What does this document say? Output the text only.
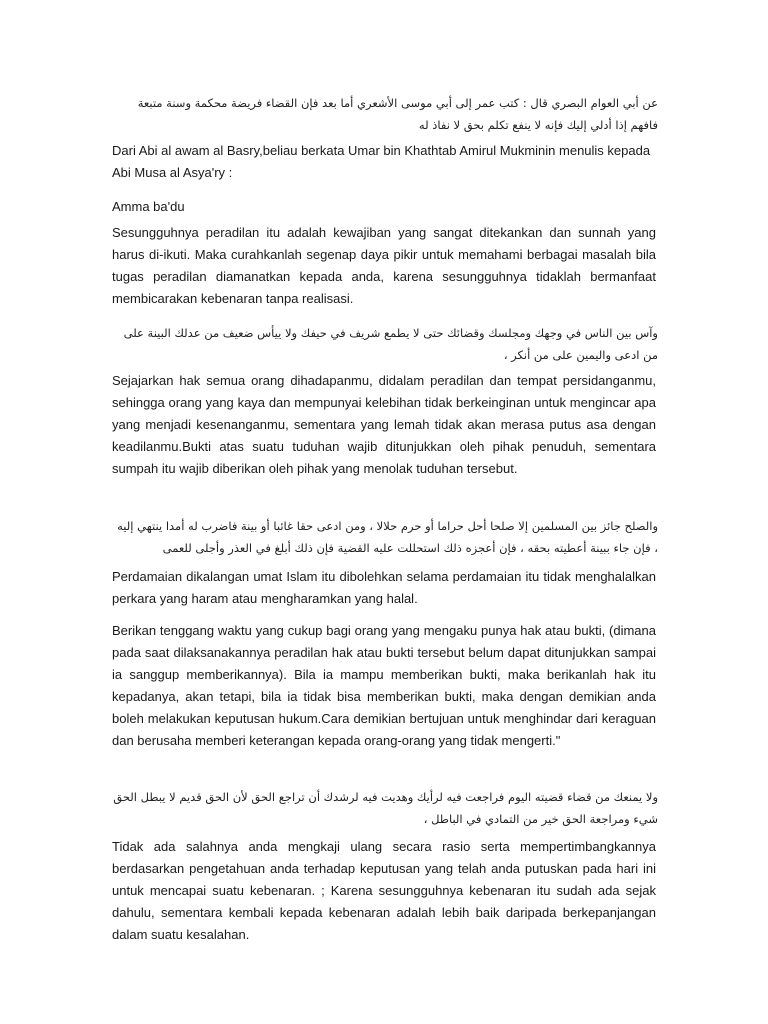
عن أبي العوام البصري قال : كتب عمر إلى أبي موسى الأشعري أما بعد فإن القضاء فريضة محكمة وسنة متبعة فافهم إذا أدلي إليك فإنه لا ينفع تكلم بحق لا نفاذ له
Dari Abi al awam al Basry,beliau berkata Umar bin Khathtab Amirul Mukminin menulis kepada Abi Musa al Asya'ry :
Amma ba'du
Sesungguhnya peradilan itu adalah kewajiban yang sangat ditekankan dan sunnah yang harus di-ikuti. Maka curahkanlah segenap daya pikir untuk memahami berbagai masalah bila tugas peradilan diamanatkan kepada anda, karena sesungguhnya tidaklah bermanfaat membicarakan kebenaran tanpa realisasi.
وآس بين الناس في وجهك ومجلسك وقضائك حتى لا يطمع شريف في حيفك ولا ييأس ضعيف من عدلك البينة على من ادعى واليمين على من أنكر ،
Sejajarkan hak semua orang dihadapanmu, didalam peradilan dan tempat persidanganmu, sehingga orang yang kaya dan mempunyai kelebihan tidak berkeinginan untuk mengincar apa yang menjadi kesenanganmu, sementara yang lemah tidak akan merasa putus asa dengan keadilanmu.Bukti atas suatu tuduhan wajib ditunjukkan oleh pihak penuduh, sementara sumpah itu wajib diberikan oleh pihak yang menolak tuduhan tersebut.
والصلح جائز بين المسلمين إلا صلحا أحل حراما أو حرم حلالا ، ومن ادعى حقا غائبا أو بينة فاضرب له أمدا ينتهي إليه ، فإن جاء ببينة أعطيته بحقه ، فإن أعجزه ذلك استحللت عليه القضية فإن ذلك أبلغ في العذر وأجلى للعمى
Perdamaian dikalangan umat Islam itu dibolehkan selama perdamaian itu tidak menghalalkan perkara yang haram atau mengharamkan yang halal.
Berikan tenggang waktu yang cukup bagi orang yang mengaku punya hak atau bukti, (dimana pada saat dilaksanakannya peradilan hak atau bukti tersebut belum dapat ditunjukkan sampai ia sanggup memberikannya). Bila ia mampu memberikan bukti, maka berikanlah hak itu kepadanya, akan tetapi, bila ia tidak bisa memberikan bukti, maka dengan demikian anda boleh melakukan keputusan hukum.Cara demikian bertujuan untuk menghindar dari keraguan dan berusaha memberi keterangan kepada orang-orang yang tidak mengerti."
ولا يمنعك من قضاء قضيته اليوم فراجعت فيه لرأيك وهديت فيه لرشدك أن تراجع الحق لأن الحق قديم لا يبطل الحق شيء ومراجعة الحق خير من التمادي في الباطل ،
Tidak ada salahnya anda mengkaji ulang secara rasio serta mempertimbangkannya berdasarkan pengetahuan anda terhadap keputusan yang telah anda putuskan pada hari ini untuk mencapai suatu kebenaran. ; Karena sesungguhnya kebenaran itu sudah ada sejak dahulu, sementara kembali kepada kebenaran adalah lebih baik daripada berkepanjangan dalam suatu kesalahan.
